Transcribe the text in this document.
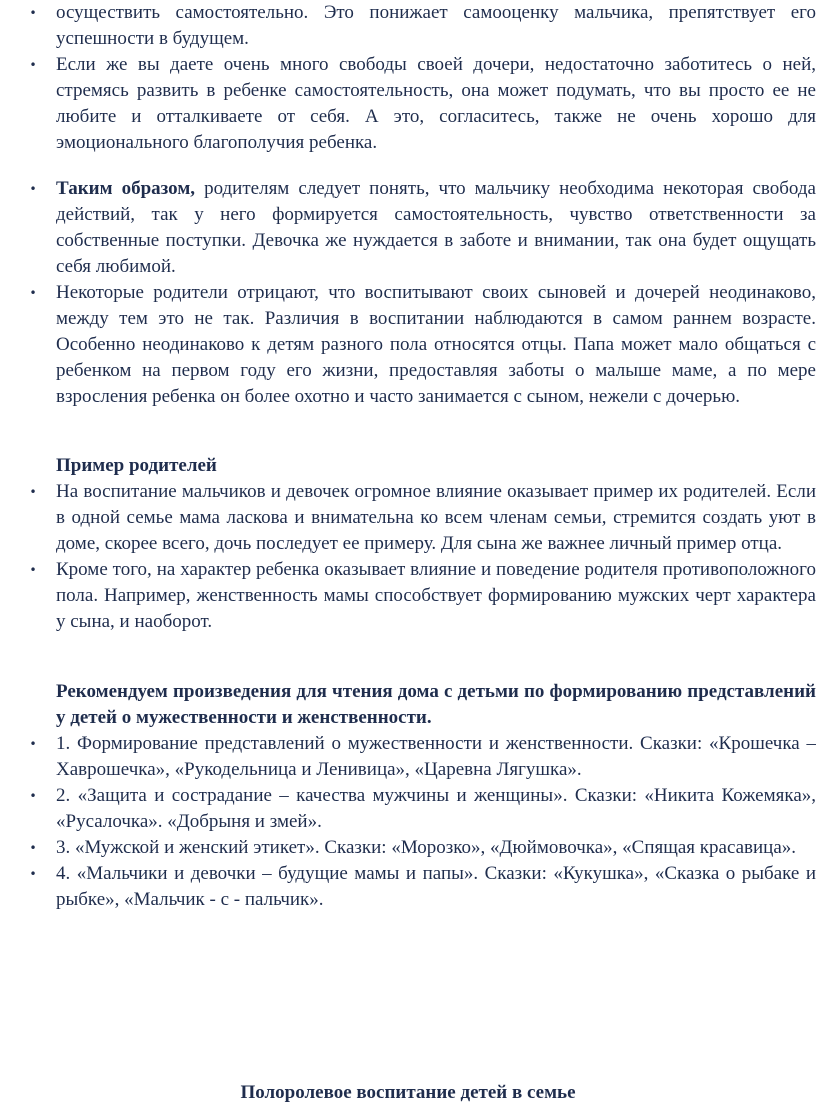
• осуществить самостоятельно. Это понижает самооценку мальчика, препятствует его успешности в будущем.
• Если же вы даете очень много свободы своей дочери, недостаточно заботитесь о ней, стремясь развить в ребенке самостоятельность, она может подумать, что вы просто ее не любите и отталкиваете от себя. А это, согласитесь, также не очень хорошо для эмоционального благополучия ребенка.
• Таким образом, родителям следует понять, что мальчику необходима некоторая свобода действий, так у него формируется самостоятельность, чувство ответственности за собственные поступки. Девочка же нуждается в заботе и внимании, так она будет ощущать себя любимой.
• Некоторые родители отрицают, что воспитывают своих сыновей и дочерей неодинаково, между тем это не так. Различия в воспитании наблюдаются в самом раннем возрасте. Особенно неодинаково к детям разного пола относятся отцы. Папа может мало общаться с ребенком на первом году его жизни, предоставляя заботы о малыше маме, а по мере взросления ребенка он более охотно и часто занимается с сыном, нежели с дочерью.

Пример родителей

• На воспитание мальчиков и девочек огромное влияние оказывает пример их родителей. Если в одной семье мама ласкова и внимательна ко всем членам семьи, стремится создать уют в доме, скорее всего, дочь последует ее примеру. Для сына же важнее личный пример отца.
• Кроме того, на характер ребенка оказывает влияние и поведение родителя противоположного пола. Например, женственность мамы способствует формированию мужских черт характера у сына, и наоборот.

Рекомендуем произведения для чтения дома с детьми по формированию представлений у детей о мужественности и женственности.

• 1. Формирование представлений о мужественности и женственности. Сказки: «Крошечка – Хаврошечка», «Рукодельница и Ленивица», «Царевна Лягушка».
• 2. «Защита и сострадание – качества мужчины и женщины». Сказки: «Никита Кожемяка», «Русалочка». «Добрыня и змей».
• 3. «Мужской и женский этикет». Сказки: «Морозко», «Дюймовочка», «Спящая красавица».
• 4. «Мальчики и девочки – будущие мамы и папы». Сказки: «Кукушка», «Сказка о рыбаке и рыбке», «Мальчик - с - пальчик».
Полоролевое воспитание детей в семье
